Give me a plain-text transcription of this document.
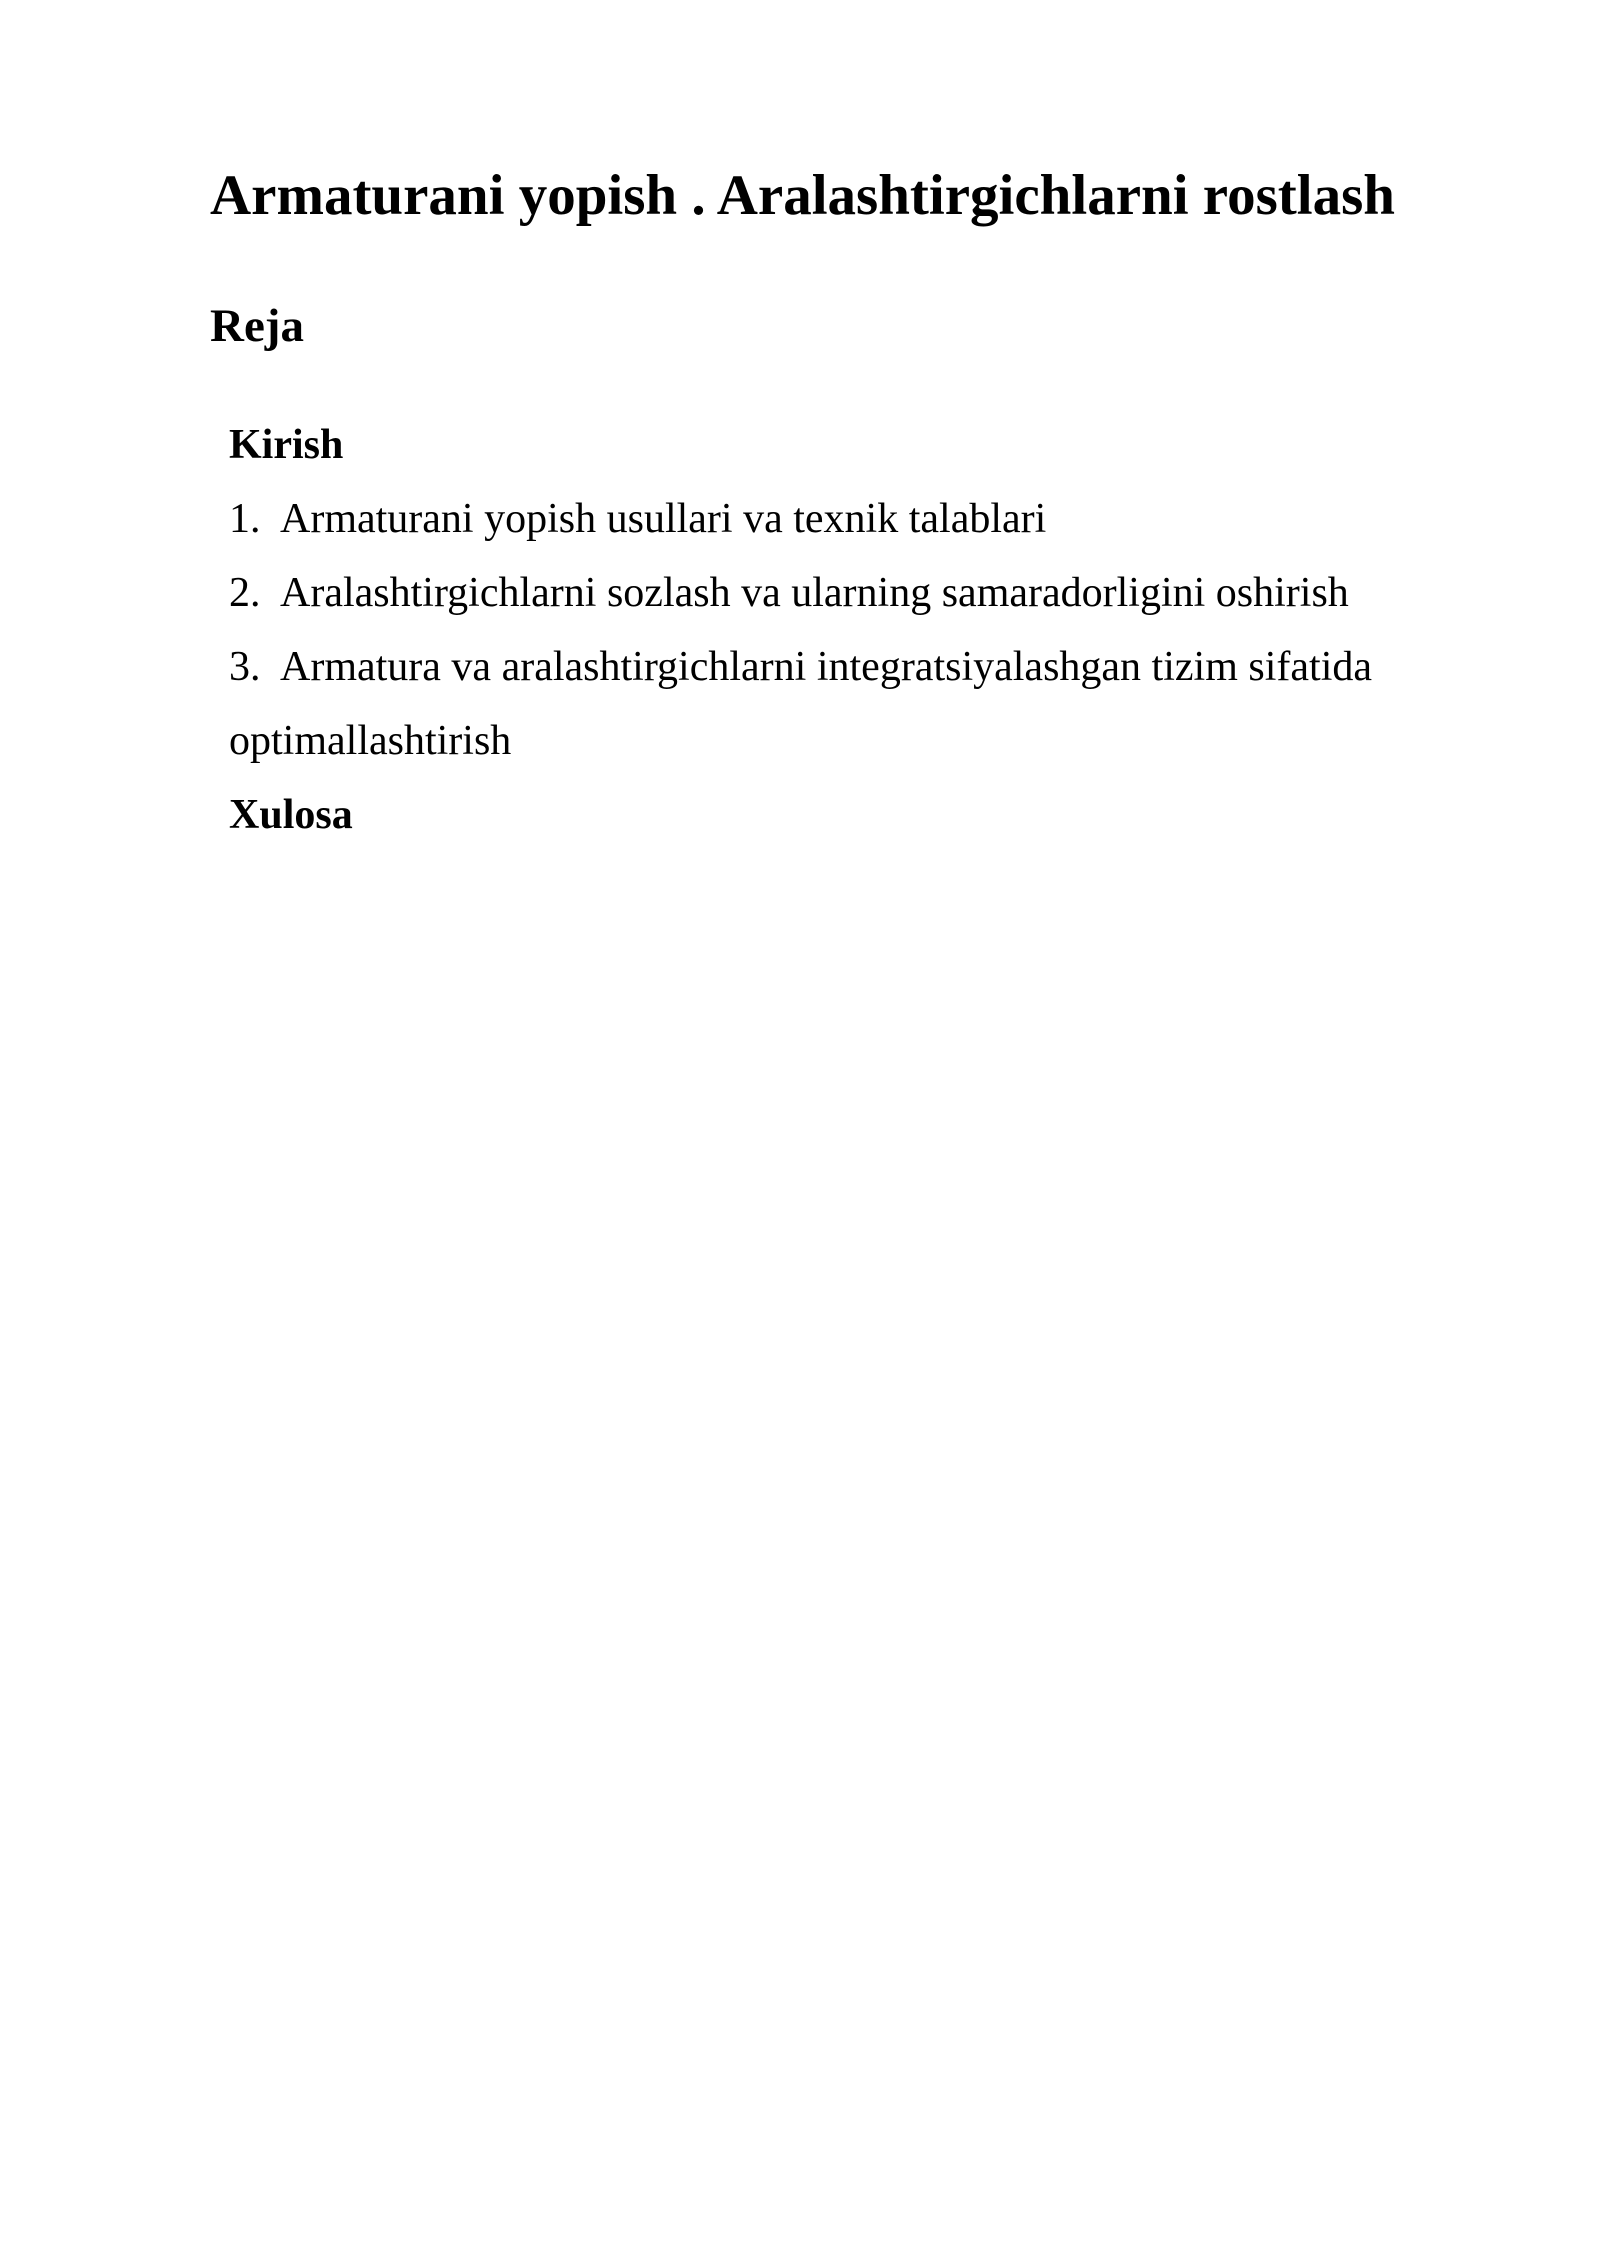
Armaturani yopish . Aralashtirgichlarni rostlash
Reja
Kirish
1. Armaturani yopish usullari va texnik talablari
2. Aralashtirgichlarni sozlash va ularning samaradorligini oshirish
3. Armatura va aralashtirgichlarni integratsiyalashgan tizim sifatida
optimallashtirish
Xulosa
